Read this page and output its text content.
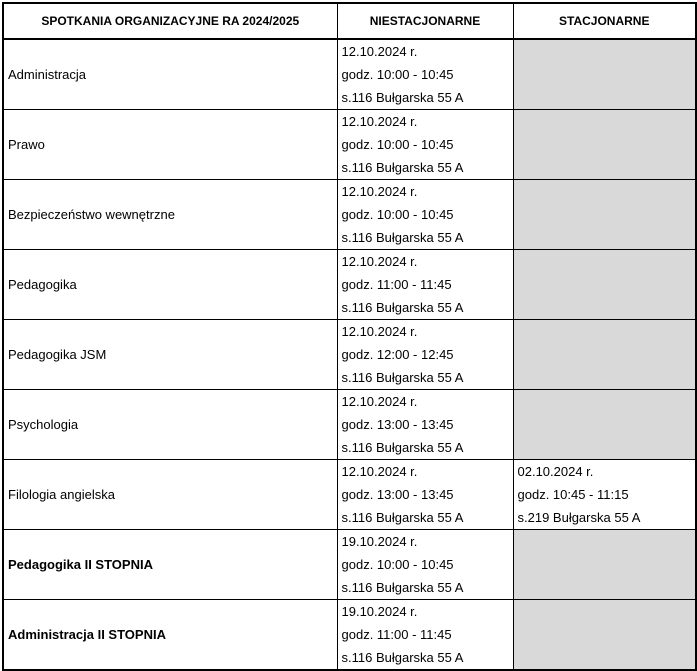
SPOTKANIA ORGANIZACYJNE RA 2024/2025	NIESTACJONARNE	STACJONARNE
Administracja	12.10.2024 r.
godz. 10:00 - 10:45
s.116 Bułgarska 55 A	

Prawo	12.10.2024 r.
godz. 10:00 - 10:45
s.116 Bułgarska 55 A	

Bezpieczeństwo wewnętrzne	12.10.2024 r.
godz. 10:00 - 10:45
s.116 Bułgarska 55 A	

Pedagogika	12.10.2024 r.
godz. 11:00 - 11:45
s.116 Bułgarska 55 A	

Pedagogika JSM	12.10.2024 r.
godz. 12:00 - 12:45
s.116 Bułgarska 55 A	

Psychologia	12.10.2024 r.
godz. 13:00 - 13:45
s.116 Bułgarska 55 A	

Filologia angielska	12.10.2024 r.
godz. 13:00 - 13:45
s.116 Bułgarska 55 A	02.10.2024 r.
godz. 10:45 - 11:15
s.219 Bułgarska 55 A

Pedagogika II STOPNIA	19.10.2024 r.
godz. 10:00 - 10:45
s.116 Bułgarska 55 A	

Administracja II STOPNIA	19.10.2024 r.
godz. 11:00 - 11:45
s.116 Bułgarska 55 A	
